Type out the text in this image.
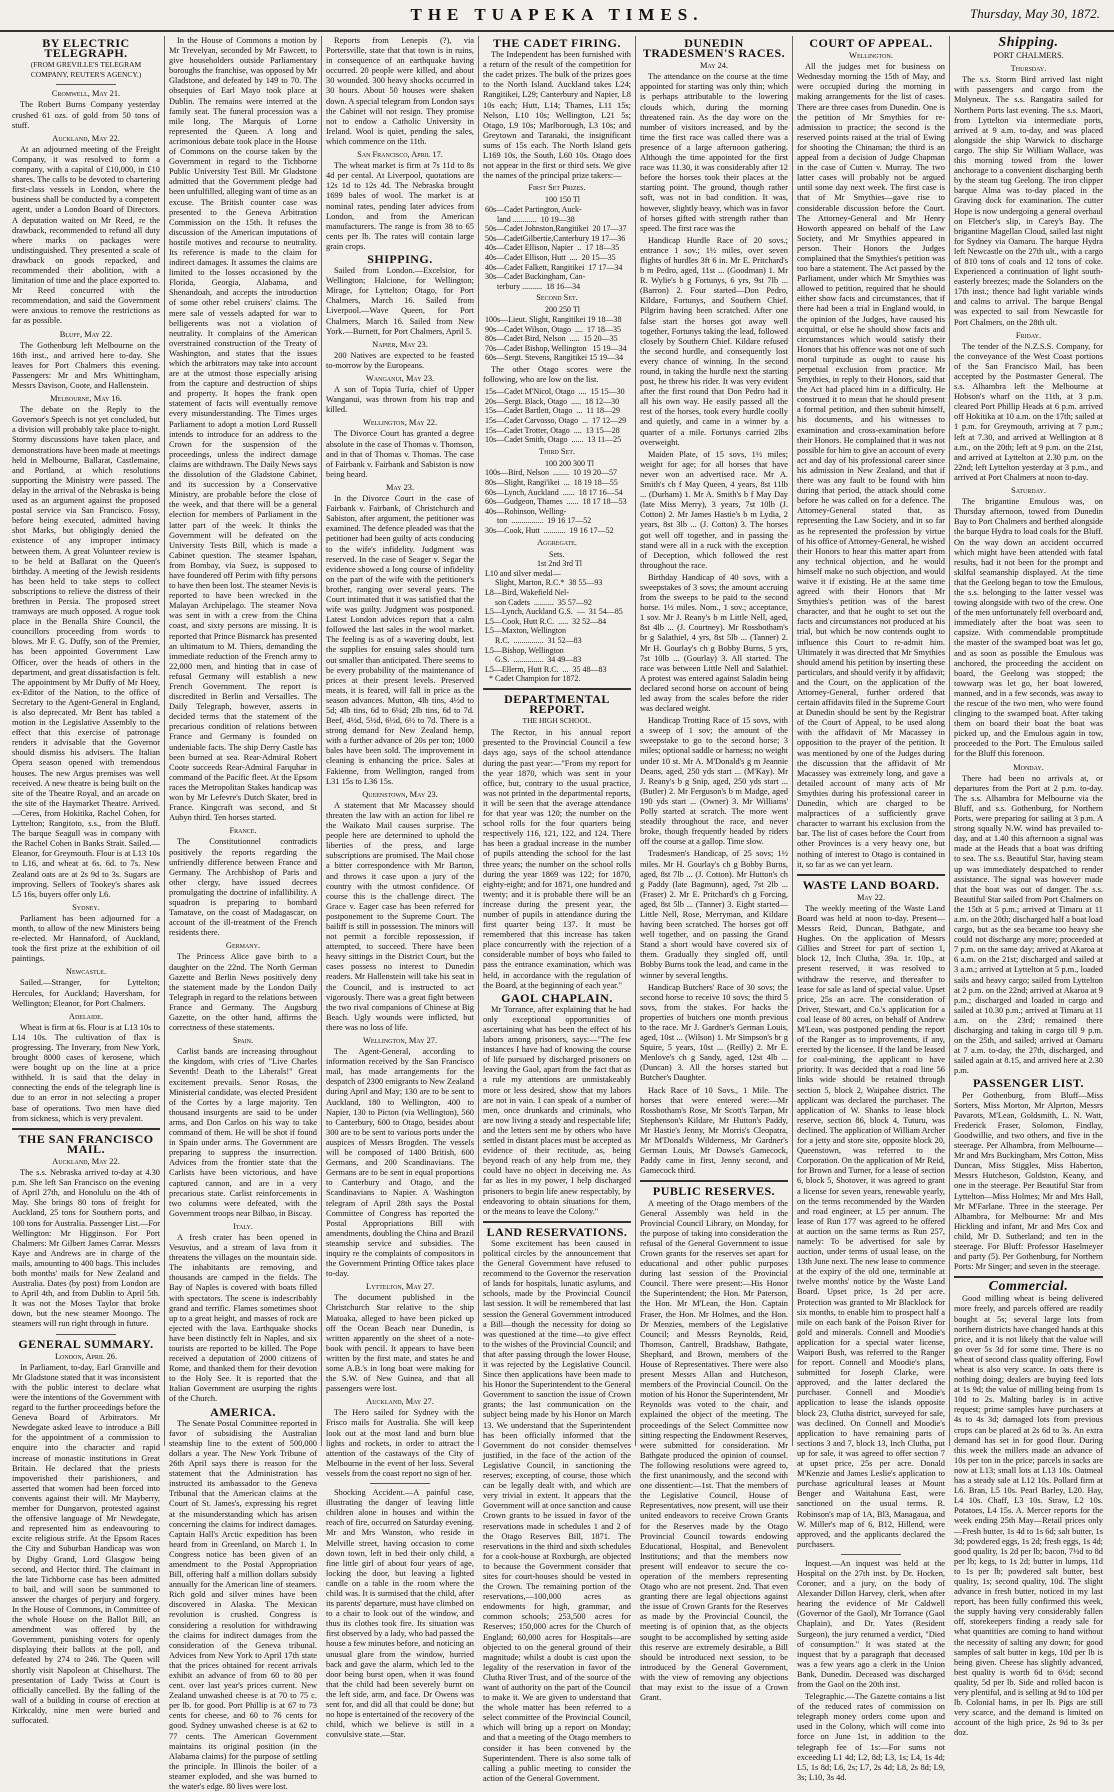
THE TUAPEKA TIMES.	Thursday, May 30, 1872.
BY ELECTRIC TELEGRAPH.
(FROM GREVILLE'S TELEGRAM COMPANY, REUTER'S AGENCY.)
Cromwell, May 21.

The Robert Burns Company yesterday crushed 61 ozs. of gold from 50 tons of stuff.

Auckland, May 22.

At an adjourned meeting of the Freight Company, it was resolved to form a company, with a capital of £10,000, in £10 shares. The calls to be devoted to chartering first-class vessels in London, where the business shall be conducted by a competent agent, under a London Board of Directors. A deputation waited on Mr Reed, re the drawback, recommended to refund all duty where marks on packages were undistinguished. They presented a scale of drawback on goods repacked, and recommended their abolition, with a limitation of time and the place exported to. Mr Reed concurred with the recommendation, and said the Government were anxious to remove the restrictions as far as possible.

Bluff, May 22.

The Gothenburg left Melbourne on the 16th inst., and arrived here to-day. She leaves for Port Chalmers this evening. Passengers: Mr and Mrs Whittingham, Messrs Davison, Coote, and Hallenstein.

Melbourne, May 16.

The debate on the Reply to the Governor's Speech is not yet concluded, but a division will probably take place to-night. Stormy discussions have taken place, and demonstrations have been made at meetings held in Melbourne, Ballarat, Castlemaine, and Portland, at which resolutions supporting the Ministry were passed. The delay in the arrival of the Nebraska is being used as an argument against the proposed postal service via San Francisco. Fossy, before being executed, admitted having shot Marks, but obligingly denied the existence of any improper intimacy between them. A great Volunteer review is to be held at Ballarat on the Queen's birthday. A meeting of the Jewish residents has been held to take steps to collect subscriptions to relieve the distress of their brethren in Persia. The proposed street tramways are much opposed. A rogue took place in the Benalla Shire Council, the councillors proceeding from words to blows. Mr F. G. Duffy, son of the Premier, has been appointed Government Law Officer, over the heads of others in the department, and great dissatisfaction is felt. The appointment by Mr Duffy of Mr Hoey, ex-Editor of the Nation, to the office of Secretary to the Agent-General in England, is also deprecated. Mr Bent has tabled a motion in the Legislative Assembly to the effect that this exercise of patronage renders it advisable that the Governor should dismiss his advisers. The Italian Opera season opened with tremendous houses. The new Argus premises was well received. A new theatre is being built on the site of the Theatre Royal, and an arcade on the site of the Haymarket Theatre. Arrived.—Ceres, from Hokitika, Rachel Cohen, for Lyttelton; Rangitoto, s.s., from the Bluff. The barque Seagull was in company with the Rachel Cohen in Banks Strait. Sailed.—Eleanor, for Greymouth. Flour is at L13 10s to L16, and wheat at 6s. 6d. to 7s. New Zealand oats are at 2s 9d to 3s. Sugars are improving. Sellers of Tookey's shares ask L5 16s, buyers offer only L6.

Sydney.

Parliament has been adjourned for a month, to allow of the new Ministers being re-elected. Mr Hannaford, of Auckland, took the first prize at the exhibition of oil paintings.

Newcastle.

Sailed.—Stranger, for Lyttelton; Hercules, for Auckland; Haversham, for Wellington; Eleanor, for Port Chalmers.

Adelaide.

Wheat is firm at 6s. Flour is at L13 10s to L14 10s. The cultivation of flax is progressing. The Inverary, from New York, brought 8000 cases of kerosene, which were bought up on the line at a price withheld. It is said that the delay in connecting the ends of the telegraph line is due to an error in not selecting a proper base of operations. Two men have died from sickness, which is very prevalent.

THE SAN FRANCISCO MAIL.
Auckland, May 22.

The s.s. Nebraska arrived to-day at 4.30 p.m. She left San Francisco on the evening of April 27th, and Honolulu on the 4th of May. She brings 80 tons of freight for Auckland, 25 tons for Southern ports, and 100 tons for Australia. Passenger List.—For Wellington: Mr Higginson. For Port Chalmers: Mr Gilbert James Carrar. Messrs Kaye and Andrews are in charge of the mails, amounting to 400 bags. This includes both months' mails for New Zealand and Australia. Dates (by post) from London are to April 4th, and from Dublin to April 5th. It was not the Moses Taylor that broke down, but the new steamer Moongo. The steamers will run right through in future.

GENERAL SUMMARY.
London, April 26.

In Parliament, to-day, Earl Granville and Mr Gladstone stated that it was inconsistent with the public interest to declare what were the intentions of the Government with regard to the further proceedings before the Geneva Board of Arbitrators. Mr Newdegate asked leave to introduce a Bill for the appointment of a commission to enquire into the character and rapid increase of monastic institutions in Great Britain. He declared that the priests impoverished their parishioners, and asserted that women had been forced into convents against their will. Mr Mayberry, member for Dungarvon, protested against the offensive language of Mr Newdegate, and represented him as endeavouring to excite religious strife. At the Epsom Races the City and Suburban Handicap was won by Digby Grand, Lord Glasgow being second, and Hector third. The claimant in the late Tichborne case has been admitted to bail, and will soon be summoned to answer the charges of perjury and forgery. In the House of Commons, in Committee of the whole House on the Ballot Bill, an amendment was offered by the Government, punishing voters for openly displaying their ballots at the poll, and defeated by 274 to 246. The Queen will shortly visit Napoleon at Chiselhurst. The presentation of Lady Twiss at Court is officially cancelled. By the falling of the wall of a building in course of erection at Kirkcaldy, nine men were buried and suffocated.

In the House of Commons a motion by Mr Trevelyan, seconded by Mr Fawcett, to give householders outside Parliamentary boroughs the franchise, was opposed by Mr Gladstone, and defeated by 149 to 70. The obsequies of Earl Mayo took place at Dublin. The remains were interred at the family seat. The funeral procession was a mile long. The Marquis of Lorne represented the Queen. A long and acrimonious debate took place in the House of Commons on the course taken by the Government in regard to the Tichborne Public University Test Bill. Mr Gladstone admitted that the Government pledge had been unfulfilled, alleging want of time as an excuse. The British counter case was presented to the Geneva Arbitration Commission on the 15th. It refuses the discussion of the American imputations of hostile motives and recourse to neutrality. Its reference is made to the claim for indirect damages. It assumes the claims are limited to the losses occasioned by the Florida, Georgia, Alabama, and Shenandoah, and accepts the introduction of some other rebel cruisers' claims. The mere sale of vessels adapted for war to belligerents was not a violation of neutrality. It complains of the American overstrained construction of the Treaty of Washington, and states that the issues which the arbitrators may take into account are at the utmost those especially arising from the capture and destruction of ships and property. It hopes the frank open statement of facts will eventually remove every misunderstanding. The Times urges Parliament to adopt a motion Lord Russell intends to introduce for an address to the Crown for the suspension of the proceedings, unless the indirect damage claims are withdrawn. The Daily News says the dissolution of the Gladstone Cabinet, and its succession by a Conservative Ministry, are probable before the close of the week, and that there will be a general election for members of Parliament in the latter part of the week. It thinks the Government will be defeated on the University Tests Bill, which is made a Cabinet question. The steamer Ispahan, from Bombay, via Suez, is supposed to have foundered off Perim with fifty persons to have then been lost. The steamer Nevis is reported to have been wrecked in the Malayan Archipelago. The steamer Nova was sent in with a crew from the China coast, and sixty persons are missing. It is reported that Prince Bismarck has presented an ultimatum to M. Thiers, demanding the immediate reduction of the French army to 22,000 men, and hinting that in case of refusal Germany will establish a new French Government. The report is discredited in Berlin and Versailles. The Daily Telegraph, however, asserts in decided terms that the statement of the precarious condition of relations between France and Germany is founded on undeniable facts. The ship Derry Castle has been burned at sea. Rear-Admiral Robert Coote succeeds Rear-Admiral Farquhar in command of the Pacific fleet. At the Epsom races the Metropolitan Stakes handicap was won by Mr Lefevre's Dutch Skater, bred in France. Kingcraft was second, and St Aubyn third. Ten horses started.

France.

The Constitutionnel contradicts positively the reports regarding the unfriendly difference between France and Germany. The Archbishop of Paris and other clergy, have issued decrees promulgating the doctrine of infallibility. A squadron is preparing to bombard Tamatave, on the coast of Madagascar, on account of the ill-treatment of the French residents there.

Germany.

The Princess Alice gave birth to a daughter on the 22nd. The North German Gazette and Berlin News positively deny the statement made by the London Daily Telegraph in regard to the relations between France and Germany. The Augsburg Gazette, on the other hand, affirms the correctness of these statements.

Spain.

Carlist bands are increasing throughout the kingdom, with cries of "Live Charles Seventh! Death to the Liberals!" Great excitement prevails. Senor Rosas, the Ministerial candidate, was elected President of the Cortes by a large majority. Ten thousand insurgents are said to be under arms, and Don Carlos on his way to take command of them. He will be shot if found in Spain under arms. The Government are preparing to suppress the insurrection. Advices from the frontier state that the Carlists have been victorious, and have captured cannon, and are in a very precarious state. Carlist reinforcements in two columns were defeated, with the Government troops near Bilbao, in Biscay.

Italy.

A fresh crater has been opened in Vesuvius, and a stream of lava from it threatens the villages on the mountain side. The inhabitants are removing, and thousands are camped in the fields. The Bay of Naples is covered with boats filled with spectators. The scene is indescribably grand and terrific. Flames sometimes shoot up to a great height, and masses of rock are ejected with the lava. Earthquake shocks have been distinctly felt in Naples, and six tourists are reported to be killed. The Pope received a deputation of 2000 citizens of Rome, and thanked them for their devotion to the Holy See. It is reported that the Italian Government are usurping the rights of the Church.

AMERICA.

The Senate Postal Committee reported in favor of subsidising the Australian steamship line to the extent of 500,000 dollars a year. The New York Tribune of 26th April says there is reason for the statement that the Administration has instructed its ambassador to the Geneva Tribunal that the American claims at the Court of St. James's, expressing his regret at the misunderstanding which has arisen concerning the claims for indirect damages. Captain Hall's Arctic expedition has been heard from in Greenland, on March 1. In Congress notice has been given of an amendment to the Postal Appropriation Bill, offering half a million dollars subsidy annually for the American line of steamers. Rich gold and silver mines have been discovered in Alaska. The Mexican revolution is crushed. Congress is considering a resolution for withdrawing the claims for indirect damages from the consideration of the Geneva tribunal. Advices from New York to April 17th state that the prices obtained for recent arrivals exhibit an advance of from 60 to 80 per cent. over last year's prices current. New Zealand unwashed cheese is at 70 to 75 c. per lb. for good. Port Phillip is at 67 to 73 cents for cheese, and 60 to 76 cents for good. Sydney unwashed cheese is at 62 to 77 cents. The American Government maintains its original position (in the Alabama claims) for the purpose of settling the principle. In Illinois the boiler of a steamer exploded, and she was burned to the water's edge. 80 lives were lost.

Reports from Lenepis (?), via Portersville, state that that town is in ruins, in consequence of an earthquake having occurred. 20 people were killed, and about 30 wounded. 300 heavy shocks occurred in 30 hours. About 50 houses were shaken down. A special telegram from London says the Cabinet will not resign. They promise not to endow a Catholic University in Ireland. Wool is quiet, pending the sales, which commence on the 11th.

San Francisco, April 17.

The wheat market is firm at 7s 11d to 8s 4d per cental. At Liverpool, quotations are 12s 1d to 12s 4d. The Nebraska brought 1699 bales of wool. The market is at nominal rates, pending later advices from London, and from the American manufacturers. The range is from 38 to 65 cents per lb. The rates will contain large grain crops.

SHIPPING.

Sailed from London.—Excelsior, for Wellington; Halcione, for Wellington; Mirage, for Lyttelton; Otago, for Port Chalmers, March 16. Sailed from Liverpool.—Wave Queen, for Port Chalmers, March 16. Sailed from New York.—Burnett, for Port Chalmers, April 5.

Napier, May 23.

200 Natives are expected to be feasted to-morrow by the Europeans.

Wanganui, May 23.

A son of Topia Turia, chief of Upper Wanganui, was thrown from his trap and killed.

Wellington, May 22.

The Divorce Court has granted a degree absolute in the case of Thomas v. Thomson, and in that of Thomas v. Thomas. The case of Fairbank v. Fairbank and Sabiston is now being heard.

May 23.

In the Divorce Court in the case of Fairbank v. Fairbank, of Christchurch and Sabiston, after argument, the petitioner was examined. The defence pleaded was that the petitioner had been guilty of acts conducing to the wife's infidelity. Judgment was reserved. In the case of Seager v. Segar the evidence showed a long course of infidelity on the part of the wife with the petitioner's brother, ranging over several years. The Court intimated that it was satisfied that the wife was guilty. Judgment was postponed. Latest London advices report that a calm followed the last sales in the wool market. The feeling is as of a wavering doubt, lest the supplies for ensuing sales should turn out smaller than anticipated. There seems to be every probability of the maintenance of prices at their present levels. Preserved meats, it is feared, will fall in price as the season advances. Mutton, 4lb tins, 4½d to 5d; 4lb tins, 6d to 6¼d; 2lb tins, 6d to 7d. Beef, 4½d, 5½d, 6½d, 6½ to 7d. There is a strong demand for New Zealand hemp, with a further advance of 20s per ton; 1000 bales have been sold. The improvement in cleaning is enhancing the price. Sales at Fakienne, from Wellington, ranged from L31 15s to L36 15s.

Queenstown, May 23.

A statement that Mr Macassey should threaten the law with an action for libel re the Waikato Mail causes surprise. The people here are determined to uphold the liberties of the press, and large subscriptions are promised. The Mail chose a bitter correspondence with Mr Barton, and throws it case upon a jury of the country with the utmost confidence. Of course this is the challenge direct. The Grace v. Eager case has been referred for postponement to the Supreme Court. The bailiff is still in possession. The minors will not permit a forcible repossession, if attempted, to succeed. There have been heavy sittings in the District Court, but the cases possess no interest to Dunedin readers. Mr Hallenstein will take his seat in the Council, and is instructed to act vigorously. There was a great fight between the two rival companions of Chinese at Big Beach. Ugly wounds were inflicted, but there was no loss of life.

Wellington, May 27.

The Agent-General, according to information received by the San Francisco mail, has made arrangements for the despatch of 2300 emigrants to New Zealand during April and May; 130 are to be sent to Auckland, 180 to Wellington, 400 to Napier, 130 to Picton (via Wellington), 560 to Canterbury, 600 to Otago, besides about 300 are to be sent to various ports under the auspices of Messrs Brogden. The vessels will be composed of 1400 British, 600 Germans, and 200 Scandinavians. The Germans are to be sent in equal proportions to Canterbury and Otago, and the Scandinavians to Napier. A Washington telegram of April 28th says the Postal Committee of Congress has reported the Postal Appropriations Bill with amendments, doubling the China and Brazil steamship service and subsidies. The inquiry re the complaints of compositors in the Government Printing Office takes place to-day.

Lyttelton, May 27.

The document published in the Christchurch Star relative to the ship Matoaka, alleged to have been picked up off the Ocean Beach near Dunedin, is written apparently on the sheet of a note-book with pencil. It appears to have been written by the first mate, and states he and some A.B.'s in long boat were making for the S.W. of New Guinea, and that all passengers were lost.

Auckland, May 27.

The Hero sailed for Sydney with the Frisco mails for Australia. She will keep look out at the most land and burn blue lights and rockets, in order to attract the attention of the castaways of the City of Melbourne in the event of her loss. Several vessels from the coast report no sign of her.

Shocking Accident.—A painful case, illustrating the danger of leaving little children alone in houses and within the reach of fire, occurred on Saturday evening. Mr and Mrs Wanston, who reside in Melville street, having occasion to come down town, left in bed their only child, a fine little girl of about four years of age, locking the door, but leaving a lighted candle on a table in the room where the child was. It is surmised that the child, after its parents' departure, must have climbed on to a chair to look out of the window, and thus its clothes took fire. Its situation was first observed by a lady, who had passed the house a few minutes before, and noticing an unusual glare from the window, hurried back and gave the alarm, which led to the door being burst open, when it was found that the child had been severely burnt on the left side, arm, and face. Dr Owens was sent for, and did all that could be done; but no hope is entertained of the recovery of the child, which we believe is still in a convulsive state.—Star.

THE CADET FIRING.

The Independent has been furnished with a return of the result of the competition for the cadet prizes. The bulk of the prizes goes to the North Island. Auckland takes L24; Rangitikei, L29; Canterbury and Napier, L8 10s each; Hutt, L14; Thames, L11 15s; Nelson, L10 10s; Wellington, L21 5s; Otago, L9 10s; Marlborough, L3 10s; and Greytown and Taranaki, the insignificant sums of 15s each. The North Island gets L169 10s, the South, L60 10s. Otago does not appear in the first or third sets. We give the names of the principal prize takers:—

First Set Prizes.
100 150 Tl
60s—Cadet Partington, Auck-
land ............  10 19—38
50s—Cadet Johnston,Rangitikei  20 17—37
50s—CadetGilbertie,Canterbury 19 17—36
40s—Cadet Ellison, Napier  ..  17 18—35
40s—Cadet Ellison, Hutt  ....  20 15—35
40s—Cadet Falkett, Rangitikei  17 17—34
30s—Cadet Buckingham, Can-
terbury ..........  18 16—34
Second Set.
200 250 Tl
100s—Lieut. Slight, Rangitikei 19 18—38
90s—Cadet Wilson, Otago  ....  17 18—35
80s—Cadet Bird, Nelson  .....  15 20—35
70s—Cadet Bishop, Wellington   15 19—34
60s—Sergt. Stevens, Rangitikei 15 19—34

The other Otago scores were the following, who are low on the list.

15s—Cadet M'Nicol, Otago  ....  15 15—30
20s—Sergt. Black, Otago  .....  18 12—30
15s—Cadet Bartlett, Otago  ...  11 18—29
15s—Cadet Carvosso, Otago  ...  17 12—29
15s—Cadet Trotter, Otago  ....  13 15—28
10s—Cadet Smith, Otago  ......  13 11—25
Third Set.
100 200 300 Tl
100s—Bird, Nelson  ........  10 19 20—57
80s—Slight, Rangi'ikei  ...  18 19 18—55
60s—Lynch, Auckland  ......  18 17 16—54
60s—Gudgeon, Thames  ......  18 17 18—53
40s—Robinson, Welling-
ton  ................  19 16 17—52
30s—Cook, Hutt  ...........  19 16 17—52
Aggregate.
Sets.
1st 2nd 3rd Tl
L10 and silver medal—
Slight, Marton, R.C.*  38 55—93
L8—Bird, Wakefield Nel-
son Cadets  ..........  35 57—92
L5—Lynch, Auckland G.S.  —  31 54—85
L5—Cook, Hutt R.C.  .....  32 52—84
L5—Maxton, Wellington
R.C.  ...............  31 52—83
L5—Bishop, Wellington
G.S.  ...............  34 49—83
L5—Ellerm, Hutt R.C.  ...  35 48—83
* Cadet Champion for 1872.
DEPARTMENTAL REPORT.
THE HIGH SCHOOL.

The Rector, in his annual report presented to the Provincial Council a few days ago, says of the school attendance during the past year:—"From my report for the year 1870, which was sent in your office, but, contrary to the usual practice, was not printed in the departmental reports, it will be seen that the average attendance for that year was 120; the number on the school rolls for the four quarters being respectively 116, 121, 122, and 124. There has been a gradual increase in the number of pupils attending the school for the last three years; the number on the school rolls during the year 1869 was 122; for 1870, eighty-eight; and for 1871, one hundred and twenty; and it is probable there will be an increase during the present year, the number of pupils in attendance during the first quarter being 137. It must be remembered that this increase has taken place concurrently with the rejection of a considerable number of boys who failed to pass the entrance examination, which was held, in accordance with the regulation of the Board, at the beginning of each year."

GAOL CHAPLAIN.

Mr Torrance, after explaining that he had only exceptional opportunities of ascertaining what has been the effect of his labors among prisoners, says:—"The few instances I have had of knowing the course of life pursued by discharged prisoners on leaving the Gaol, apart from the fact that as a rule my attentions are unmistakeably more or less desired, show that my labors are not in vain. I can speak of a number of men, once drunkards and criminals, who are now living a steady and respectable life; and the letters sent me by others who have settled in distant places must be accepted as evidence of their rectitude, as, being beyond reach of any help from me, they could have no object in deceiving me. As far as lies in my power, I help discharged prisoners to begin life anew respectably, by endeavoring to obtain situations for them, or the means to leave the Colony."

LAND RESERVATIONS.

Some excitement has been caused in political circles by the announcement that the General Government have refused to recommend to the Governor the reservation of lands for hospitals, lunatic asylums, and schools, made by the Provincial Council last session. It will be remembered that last session the General Government introduced a Bill—though the necessity for doing so was questioned at the time—to give effect to the wishes of the Provincial Council; and that after passing through the lower House, it was rejected by the Legislative Council. Since then applications have been made to his Honor the Superintendent to the General Government to sanction the issue of Crown grants; the last communication on the subject being made by his Honor on March 13. We understand that the Superintendent has been officially informed that the Government do not consider themselves justified, in the face of the action of the Legislative Council, in sanctioning the reserves; excepting, of course, those which can be legally dealt with, and which are very trivial in extent. It appears that the Government will at once sanction and cause Crown grants to be issued in favor of the reservations made in schedules 1 and 2 of the Otago Reserves Bill, 1871. The reservations in the third and sixth schedules for a cook-house at Roxburgh, are objected to because the Government consider that sites for court-houses should be vested in the Crown. The remaining portion of the reservations,—100,000 acres as endowments for high, grammar, and common schools; 253,500 acres for Reserves; 150,000 acres for the Church of England; 60,000 acres for Hospitals—are objected to on the general ground of their magnitude; whilst a doubt is cast upon the legality of the reservation in favor of the Clutha River Trust, and of the source of the want of authority on the part of the Council to make it. We are given to understand that the whole matter has been referred to a select committee of the Provincial Council, which will bring up a report on Monday; and that a meeting of the Otago members to consider it has been convened by the Superintendent. There is also some talk of calling a public meeting to consider the action of the General Government.

DUNEDIN TRADESMEN'S RACES.
May 24.

The attendance on the course at the time appointed for starting was only thin; which is perhaps attributable to the lowering clouds which, during the morning threatened rain. As the day wore on the number of visitors increased, and by the time the first race was called there was a presence of a large afternoon gathering. Although the time appointed for the first race was 11.30, it was considerably after 12 before the horses took their places at the starting point. The ground, though rather soft, was not in bad condition. It was, however, slightly heavy, which was in favor of horses gifted with strength rather than speed. The first race was the

Handicap Hurdle Race of 20 sovs.; entrance 1 sov.; 1½ miles, over seven flights of hurdles 3ft 6 in. Mr E. Pritchard's b m Pedro, aged, 11st ... (Goodman) 1. Mr R. Wylie's b g Fortunys, 6 yrs, 9st 7lb ... (Barron) 2. Four started—Don Pedro, Kildare, Fortunys, and Southern Chief. Pilgrim having been scratched. After one false start the horses got away well together, Fortunys taking the lead, followed closely by Southern Chief. Kildare refused the second hurdle, and consequently lost every chance of winning. In the second round, in taking the hurdle next the starting post, he threw his rider. It was very evident after the first round that Don Pedro had it all his own way. He easily passed all the rest of the horses, took every hurdle coolly and quietly, and came in a winner by a quarter of a mile. Fortunys carried 2lbs overweight.

Maiden Plate, of 15 sovs, 1½ miles; weight for age; for all horses that have never won an advertised race. Mr A. Smith's ch f May Queen, 4 years, 8st 11lb ... (Durham) 1. Mr A. Smith's b f May Day (late Miss Merry), 3 years, 7st 10lb (J. Cotton) 2. Mr James Hastie's b m Lydia, 2 years, 8st 3lb ... (J. Cotton) 3. The horses got well off together, and in passing the stand were all in a ruck with the exception of Deception, which followed the rest throughout the race.

Birthday Handicap of 40 sovs, with a sweepstakes of 3 sovs; the amount accruing from the sweeps to be paid to the second horse. 1½ miles. Nom., 1 sov.; acceptance, 1 sov. Mr J. Reany's b m Little Nell, aged, 8st 4lb ... (J. Courtney). Mr Rossbotham's br g Salathiel, 4 yrs, 8st 5lb ... (Tanner) 2. Mr H. Gourlay's ch g Bobby Burns, 5 yrs, 7st 10lb ... (Gourlay) 3. All started. The race was between Little Nell and Salathiel. A protest was entered against Saladin being declared second horse on account of being led away from the scales before the rider was declared weight.

Handicap Trotting Race of 15 sovs, with a sweep of 1 sov; the amount of the sweepstake to go to the second horse; 3 miles; optional saddle or harness; no weight under 10 st. Mr A. M'Donald's g m Jeannie Deans, aged, 250 yds start ... (M'Kay). Mr J. Reany's b g Snip, aged, 250 yds start ... (Butler) 2. Mr Ferguson's b m Madge, aged 190 yds start ... (Owner) 3. Mr Williams' Polly started at scratch. The more went steadily throughout the race, and never broke, though frequently headed by riders off the course at a gallop. Time slow.

Tradesmen's Handicap, of 25 sovs; 1½ miles. Mr H. Gourlay's ch g Bobby Burns, aged, 8st 7lb ... (J. Cotton). Mr Hutton's ch g Paddy (late Bagmunn), aged, 7st 2lb ... (Fraser) 2. Mr E. Pritchard's ch g Forcing, aged, 8st 5lb ... (Tanner) 3. Eight started—Little Nell, Rose, Merryman, and Kildare having been scratched. The horses got off well together, and on passing the Grand Stand a short would have covered six of them. Gradually they singled off, until Bobby Burns took the lead, and came in the winner by several lengths.

Handicap Butchers' Race of 30 sovs; the second horse to receive 10 sovs; the third 5 sovs, from the stakes. For hacks the properties of butchers one month previous to the race. Mr J. Gardner's German Louis, aged, 10st ... (Wilson) 1. Mr Simpson's br g Squire, 5 years, 10st ... (Reilly) 2. Mr E. Menlove's ch g Sandy, aged, 12st 4lb ... (Duncan) 3. All the horses started but Butcher's Daughter.

Hack Race of 10 Sovs., 1 Mile. The horses that were entered were:—Mr Rossbotham's Rose, Mr Scott's Tarpan, Mr Stephenson's Kildare, Mr Hutton's Paddy, Mr Hastie's Jenny, Mr Morris's Cleopatra, Mr M'Donald's Wilderness, Mr Gardner's German Louis, Mr Dowse's Gamecock, Paddy came in first, Jenny second, and Gamecock third.

PUBLIC RESERVES.

A meeting of the Otago members of the General Assembly was held in the Provincial Council Library, on Monday, for the purpose of taking into consideration the refusal of the General Government to issue Crown grants for the reserves set apart for educational and other public purposes during last session of the Provincial Council. There were present:—His Honor the Superintendent; the Hon. Mr Paterson, the Hon. Mr M'Lean, the Hon. Captain Fraser, the Hon. Mr Holmes, and the Hon. Dr Menzies, members of the Legislative Council; and Messrs Reynolds, Reid, Thomson, Cantrell, Bradshaw, Bathgate, Shephard, and Brown, members of the House of Representatives. There were also present Messrs Allan and Hutcheson, members of the Provincial Council. On the motion of his Honor the Superintendent, Mr Reynolds was voted to the chair, and explained the object of the meeting. The proceedings of the Select Committee now sitting respecting the Endowment Reserves, were submitted for consideration. Mr Bathgate produced the opinion of counsel. The following resolutions were agreed to, the first unanimously, and the second with one dissentient:—1st. That the members of the Legislative Council, House of Representatives, now present, will use their united endeavors to receive Crown Grants for the Reserves made by the Otago Provincial Council towards endowing Educational, Hospital, and Benevolent Institutions; and that the members now present will endeavor to secure the co-operation of the members representing Otago who are not present. 2nd. That even granting there are legal objections against the issue of Crown Grants for the Reserves as made by the Provincial Council, the meeting is of opinion that, as the objects sought to be accomplished by setting aside this reserve are extremely desirable, a Bill should be introduced next session, to be introduced by the General Government, with the view of removing any objections that may exist to the issue of a Crown Grant.

COURT OF APPEAL.
Wellington.

All the judges met for business on Wednesday morning the 15th of May, and were occupied during the morning in making arrangements for the list of cases. There are three cases from Dunedin. One is the petition of Mr Smythies for re-admission to practice; the second is the reserved points raised at the trial of Ewing for shooting the Chinaman; the third is an appeal from a decision of Judge Chapman in the case of Cutten v. Murray. The two latter cases will probably not be argued until some day next week. The first case is that of Mr Smythies—gave rise to considerable discussion before the Court. The Attorney-General and Mr Henry Howorth appeared on behalf of the Law Society, and Mr Smythies appeared in person. Their Honors the Judges complained that the Smythies's petition was too bare a statement. The Act passed by the Parliament, under which Mr Smythies was allowed to petition, required that he should either show facts and circumstances, that if there had been a trial in England would, in the opinion of the Judges, have caused his acquittal, or else he should show facts and circumstances which would satisfy their Honors that his offence was not one of such moral turpitude as ought to cause his perpetual exclusion from practice. Mr Smythies, in reply to their Honors, said that the Act had placed him in a difficulty. He construed it to mean that he should present a formal petition, and then submit himself, his documents, and his witnesses to examination and cross-examination before their Honors. He complained that it was not possible for him to give an account of every act and day of his professional career since his admission in New Zealand, and that if there was any fault to be found with him during that period, the attack should come before he was called on for a defence. The Attorney-General stated that, as representing the Law Society, and in so far as he represented the profession by virtue of his office of Attorney-General, he wished their Honors to hear this matter apart from any technical objection, and he would himself make no such objection, and would waive it if existing. He at the same time agreed with their Honors that Mr Smythies's petition was of the barest character, and that he ought to set out the facts and circumstances not produced at his trial, but which he now contends ought to influence this Court to re-admit him. Ultimately it was directed that Mr Smythies should amend his petition by inserting these particulars, and should verify it by affidavit; and the Court, on the application of the Attorney-General, further ordered that certain affidavits filed in the Supreme Court at Dunedin should be sent by the Registrar of the Court of Appeal, to be used along with the affidavit of Mr Macassey in opposition to the prayer of the petition. It was mentioned by one of the Judges during the discussion that the affidavit of Mr Macassey was extremely long, and gave a detailed account of many acts of Mr Smythies during his professional career in Dunedin, which are charged to be malpractices of a sufficiently grave character to warrant his exclusion from the bar. The list of cases before the Court from other Provinces is a very heavy one, but nothing of interest to Otago is contained in it, so far as we can yet learn.

WASTE LAND BOARD.
May 22.

The weekly meeting of the Waste Land Board was held at noon to-day. Present—Messrs Reid, Duncan, Bathgate, and Hughes. On the application of Messrs Gillies and Street for part of section 1, block 12, Inch Clutha, 39a. 1r. 10p., at present reserved, it was resolved to withdraw the reserve, and thereafter to lease for sale as land of special value. Upset price, 25s an acre. The consideration of Driver, Stewart, and Co.'s application for a coal lease of 80 acres, on behalf of Andrew M'Lean, was postponed pending the report of the Ranger as to improvements, if any, erected by the licensee. If the land be leased for coal-mining, the applicant to have priority. It was decided that a road line 56 links wide should be retained through section 5, block 2, Waipahee district. The applicant was declared the purchaser. The application of W. Shanks to lease block reserve, section 86, block 4, Tuturu, was declined. The application of William Archer for a jetty and store site, opposite block 20, Queenstown, was referred to the Corporation. On the application of Mr Reid, for Brown and Turner, for a lease of section 6, block 5, Shotover, it was agreed to grant a license for seven years, renewable yearly, on the terms recommended by the Warden and road engineer, at L5 per annum. The lease of Run 177 was agreed to be offered at auction on the same terms as Run 257, namely: To be advertised for sale by auction, under terms of usual lease, on the 13th June next. The new lease to commence at the expiry of the old one, terminable at twelve months' notice by the Waste Land Board. Upset price, 1s 2d per acre. Protection was granted to Mr Blacklock for six months, to enable him to prospect half a mile on each bank of the Poison River for gold and minerals. Connell and Moodie's application for a special water license, Waipori Bush, was referred to the Ranger for report. Connell and Moodie's plans, submitted for Joseph Clarke, were approved, and the latter declared the purchaser. Connell and Moodie's application to lease the islands opposite block 23, Clutha district, surveyed for sale, was declined. On Connell and Moodie's application to have remaining parts of sections 3 and 7, block 13, Inch Clutha, put up for sale, it was agreed to offer section 7 at upset price, 25s per acre. Donald M'Kenzie and James Leslie's application to purchase agricultural leases at Mount Benger and Waitahuna East, were sanctioned on the usual terms. R. Robinson's map of 1A, Bl3, Managaua, and W. Miller's map of 6, B12, Hillend, were approved, and the applicants declared the purchasers.

Inquest.—An inquest was held at the Hospital on the 27th inst. by Dr. Hocken, Coroner, and a jury, on the body of Alexander Dillon Harvey, clerk, when after hearing the evidence of Mr Caldwell (Governor of the Gaol), Mr Torrance (Gaol Chaplain), and Dr. Yates (Resident Surgeon), the jury returned a verdict, "Died of consumption." It was stated at the inquest that by a paragraph that deceased was a few years ago a clerk in the Union Bank, Dunedin. Deceased was discharged from the Gaol on the 20th inst.

Telegraphic.—The Gazette contains a list of the reduced rates of commission on telegraph money orders come upon and used in the Colony, which will come into force on June 1st, in addition to the telegraph fee of 1s:—For sums not exceeding L1 4d; L2, 8d; L3, 1s; L4, 1s 4d; L5, 1s 8d; L6, 2s; L7, 2s 4d; L8, 2s 8d; L9, 3s; L10, 3s 4d.

Shipping.
PORT CHALMERS.
Thursday.

The s.s. Storm Bird arrived last night with passengers and cargo from the Molyneux. The s.s. Rangatira sailed for Northern Ports last evening. The s.s. Maori, from Lyttelton via intermediate ports, arrived at 9 a.m. to-day, and was placed alongside the ship Warwick to discharge cargo. The ship Sir William Wallace, was this morning towed from the lower anchorage to a convenient discharging berth by the steam tug Geelong. The iron clipper barque Alma was to-day placed in the Graving dock for examination. The cutter Hope is now undergoing a general overhaul on Fletcher's slip, in Carey's Bay. The brigantine Magellan Cloud, sailed last night for Sydney via Oamaru. The barque Hydra left Newcastle on the 27th ult., with a cargo of 810 tons of coals and 12 tons of coke. Experienced a continuation of light south-easterly breezes; made the Solanders on the 17th inst.; thence had light variable winds and calms to arrival. The barque Bengal was expected to sail from Newcastle for Port Chalmers, on the 28th ult.

Friday.

The tender of the N.Z.S.S. Company, for the conveyance of the West Coast portions of the San Francisco Mail, has been accepted by the Postmaster General. The s.s. Alhambra left the Melbourne at Hobson's wharf on the 11th, at 3 p.m. cleared Port Phillip Heads at 6 p.m. arrived off Hokitika at 10 a.m. on the 17th; sailed at 1 p.m. for Greymouth, arriving at 7 p.m.; left at 7.30, and arrived at Wellington at 8 a.m., on the 20th; left at 9 p.m. on the 21st, and arrived at Lyttelton at 2.30 p.m. on the 22nd; left Lyttelton yesterday at 3 p.m., and arrived at Port Chalmers at noon to-day.

Saturday.

The brigantine Emulous was, on Thursday afternoon, towed from Dunedin Bay to Port Chalmers and berthed alongside the barque Hydra to load coals for the Bluff. On the way down an accident occurred which might have been attended with fatal results, had it not been for the prompt and skilful seamanship displayed. At the time that the Geelong began to tow the Emulous, the s.s. belonging to the latter vessel was towing alongside with two of the crew. One of the men unfortunately fell overboard and, immediately after the boat was seen to capsize. With commendable promptitude the master of the swamped boat was let go, and as soon as possible the Emulous was anchored, the proceeding the accident on board, the Geelong was stopped; the towwarp was let go, her boat lowered, manned, and in a few seconds, was away to the rescue of the two men, who were found clinging to the swamped boat. After taking them on board their boat the boat was picked up, and the Emulous again in tow, proceeded to the Port. The Emulous sailed for the Bluff this forenoon.

Monday.

There had been no arrivals at, or departures from the Port at 2 p.m. to-day. The s.s. Alhambra for Melbourne via the Bluff, and s.s. Gothenburg, for Northern Ports, were preparing for sailing at 3 p.m. A strong squally N.W. wind has prevailed to-day, and at 1.40 this afternoon a signal was made at the Heads that a boat was drifting to sea. The s.s. Beautiful Star, having steam up was immediately despatched to render assistance. The signal was however made that the boat was out of danger. The s.s. Beautiful Star sailed from Port Chalmers on the 15th at 5 p.m.; arrived at Timaru at 11 a.m. on the 20th; discharged half a boat load cargo, but as the sea became too heavy she could not discharge any more; proceeded at 7 p.m. on the same day; arrived at Akaroa at 6 a.m. on the 21st; discharged and sailed at 3 a.m.; arrived at Lyttelton at 5 p.m., loaded sails and heavy cargo; sailed from Lyttelton at 2 p.m. on the 22nd; arrived at Akaroa at 9 p.m.; discharged and loaded in cargo and sailed at 10.30 p.m.; arrived at Timaru at 11 a.m. on the 23rd; remained there discharging and taking in cargo till 9 p.m. on the 25th, and sailed; arrived at Oamaru at 7 a.m. to-day, the 27th, discharged, and sailed again at 8.15, and arrived here at 2.30 p.m.

PASSENGER LIST.

Per Gothenburg, from Bluff—Miss Sorters, Miss Morton, Mr Alprton, Messrs Pavarots, M'Lean, Goldsmith, L. N. Watt, Frederick Fraser, Solomon, Findlay, Goodwillie, and two others, and five in the steerage. Per Alhambra, from Melbourne—Mr and Mrs Buckingham, Mrs Cotton, Miss Duncan, Miss Stiggles, Miss Haberton, Messrs Hutcheson, Goldston, Keany, and one in the steerage. Per Beautiful Star from Lyttelton—Miss Holmes; Mr and Mrs Hall, Mr M'Farlane. Three in the steerage. Per Alhambra, for Melbourne: Mr and Mrs Hickling and infant, Mr and Mrs Cox and child, Mr D. Sutherland; and ten in the steerage. For Bluff: Professor Haselmeyer and party (5). Per Gothenburg, for Northern Ports: Mr Singer; and seven in the steerage.

Commercial.

Good milling wheat is being delivered more freely, and parcels offered are readily bought at 5s; several large lots from northern districts have changed hands at this price, and it is not likely that the value will go over 5s 3d for some time. There is no wheat of second class quality offering. Fowl wheat is also very scarce. In oats there is nothing doing; dealers are buying feed lots at 1s 9d; the value of milling being from 1s 10d to 2s. Malting barley is in active request; prime samples have purchasers at 4s to 4s 3d; damaged lots from previous crops can be placed at 2s 6d to 3s. An extra demand has set in for good flour. During this week the millers made an advance of 10s per ton in the price; parcels in sacks are now at L13; small lots at L13 10s. Oatmeal has a steady sale at L12 10s. Pollard firm at L6. Bran, L5 10s. Pearl Barley, L20. Hay, L4 10s. Chaff, L3 10s. Straw, L2 10s. Potatoes, L4 15s. A. Mercer reports for the week ending 25th May—Retail prices only—Fresh butter, 1s 4d to 1s 6d; salt butter, 1s 3d; powdered eggs, 1s 2d; fresh eggs, 1s 4d; good quality, 1s 2d per lb; bacon, 7½d to 8d per lb; kegs, to 1s 2d; butter in lumps, 11d to 1s per lb; powdered salt butter, best quality, 1s; second quality, 10d. The slight advance in fresh butter, noticed in my last report, has been fully confirmed this week, the supply having very considerably fallen off, storekeepers finding a ready sale for what quantities are coming to hand without the necessity of salting any down; for good samples of salt butter in kegs, 10d per lb is being given. Cheese has slightly advanced, best quality is worth 6d to 6½d; second quality, 5d per lb. Side and rolled bacon is very plentiful, and is selling at 9d to 10d per lb. Colonial hams, in per lb. Pigs are still very scarce, and the demand is limited on account of the high price, 2s 9d to 3s per doz.
